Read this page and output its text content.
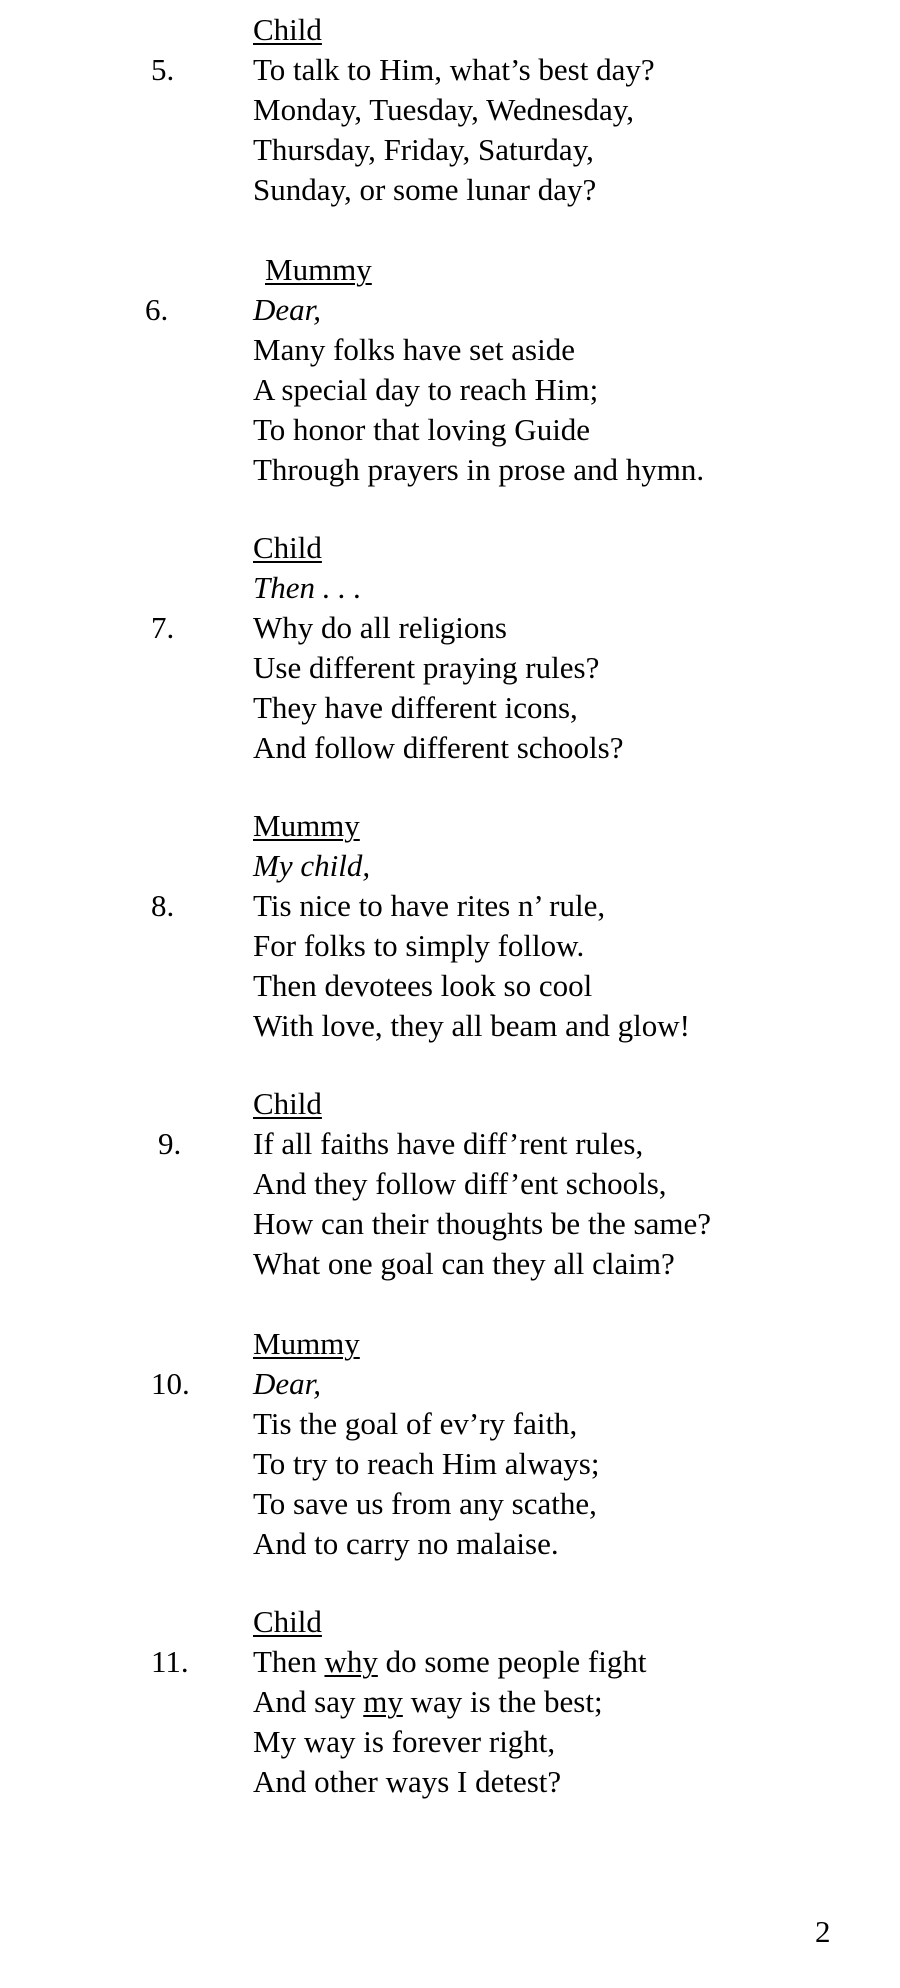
Child
5.	To talk to Him, what’s best day?
Monday, Tuesday, Wednesday,
Thursday, Friday, Saturday,
Sunday, or some lunar day?
Mummy
6.	Dear,
Many folks have set aside
A special day to reach Him;
To honor that loving Guide
Through prayers in prose and hymn.
Child
Then . . .
7.	Why do all religions
Use different praying rules?
They have different icons,
And follow different schools?
Mummy
My child,
8.	Tis nice to have rites n’ rule,
For folks to simply follow.
Then devotees look so cool
With love, they all beam and glow!
Child
9. If all faiths have diff’rent rules,
And they follow diff’ent schools,
How can their thoughts be the same?
What one goal can they all claim?
Mummy
10. Dear,
Tis the goal of ev’ry faith,
To try to reach Him always;
To save us from any scathe,
And to carry no malaise.
Child
11. Then why do some people fight
And say my way is the best;
My way is forever right,
And other ways I detest?
2
